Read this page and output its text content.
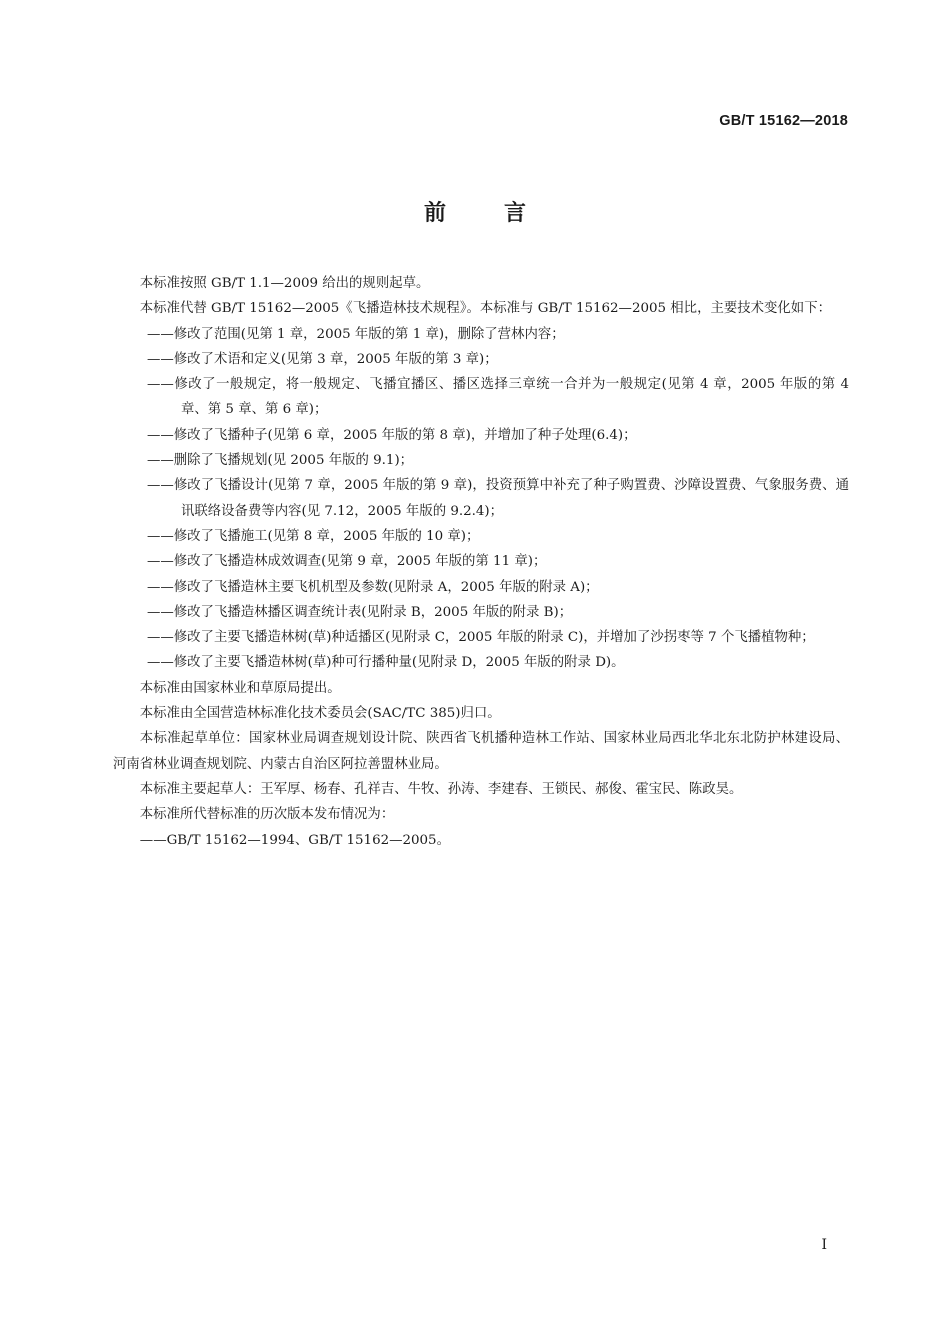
GB/T 15162—2018
前言

本标准按照 GB/T 1.1—2009 给出的规则起草。

本标准代替 GB/T 15162—2005《飞播造林技术规程》。本标准与 GB/T 15162—2005 相比，主要技术变化如下：

——修改了范围(见第 1 章，2005 年版的第 1 章)，删除了营林内容；

——修改了术语和定义(见第 3 章，2005 年版的第 3 章)；

——修改了一般规定，将一般规定、飞播宜播区、播区选择三章统一合并为一般规定(见第 4 章，2005 年版的第 4 章、第 5 章、第 6 章)；

——修改了飞播种子(见第 6 章，2005 年版的第 8 章)，并增加了种子处理(6.4)；

——删除了飞播规划(见 2005 年版的 9.1)；

——修改了飞播设计(见第 7 章，2005 年版的第 9 章)，投资预算中补充了种子购置费、沙障设置费、气象服务费、通讯联络设备费等内容(见 7.12，2005 年版的 9.2.4)；

——修改了飞播施工(见第 8 章，2005 年版的 10 章)；

——修改了飞播造林成效调查(见第 9 章，2005 年版的第 11 章)；

——修改了飞播造林主要飞机机型及参数(见附录 A，2005 年版的附录 A)；

——修改了飞播造林播区调查统计表(见附录 B，2005 年版的附录 B)；

——修改了主要飞播造林树(草)种适播区(见附录 C，2005 年版的附录 C)，并增加了沙拐枣等 7 个飞播植物种；

——修改了主要飞播造林树(草)种可行播种量(见附录 D，2005 年版的附录 D)。

本标准由国家林业和草原局提出。

本标准由全国营造林标准化技术委员会(SAC/TC 385)归口。

本标准起草单位：国家林业局调查规划设计院、陕西省飞机播种造林工作站、国家林业局西北华北东北防护林建设局、河南省林业调查规划院、内蒙古自治区阿拉善盟林业局。

本标准主要起草人：王军厚、杨春、孔祥吉、牛牧、孙涛、李建春、王锁民、郝俊、霍宝民、陈政昊。

本标准所代替标准的历次版本发布情况为：

——GB/T 15162—1994、GB/T 15162—2005。

I
